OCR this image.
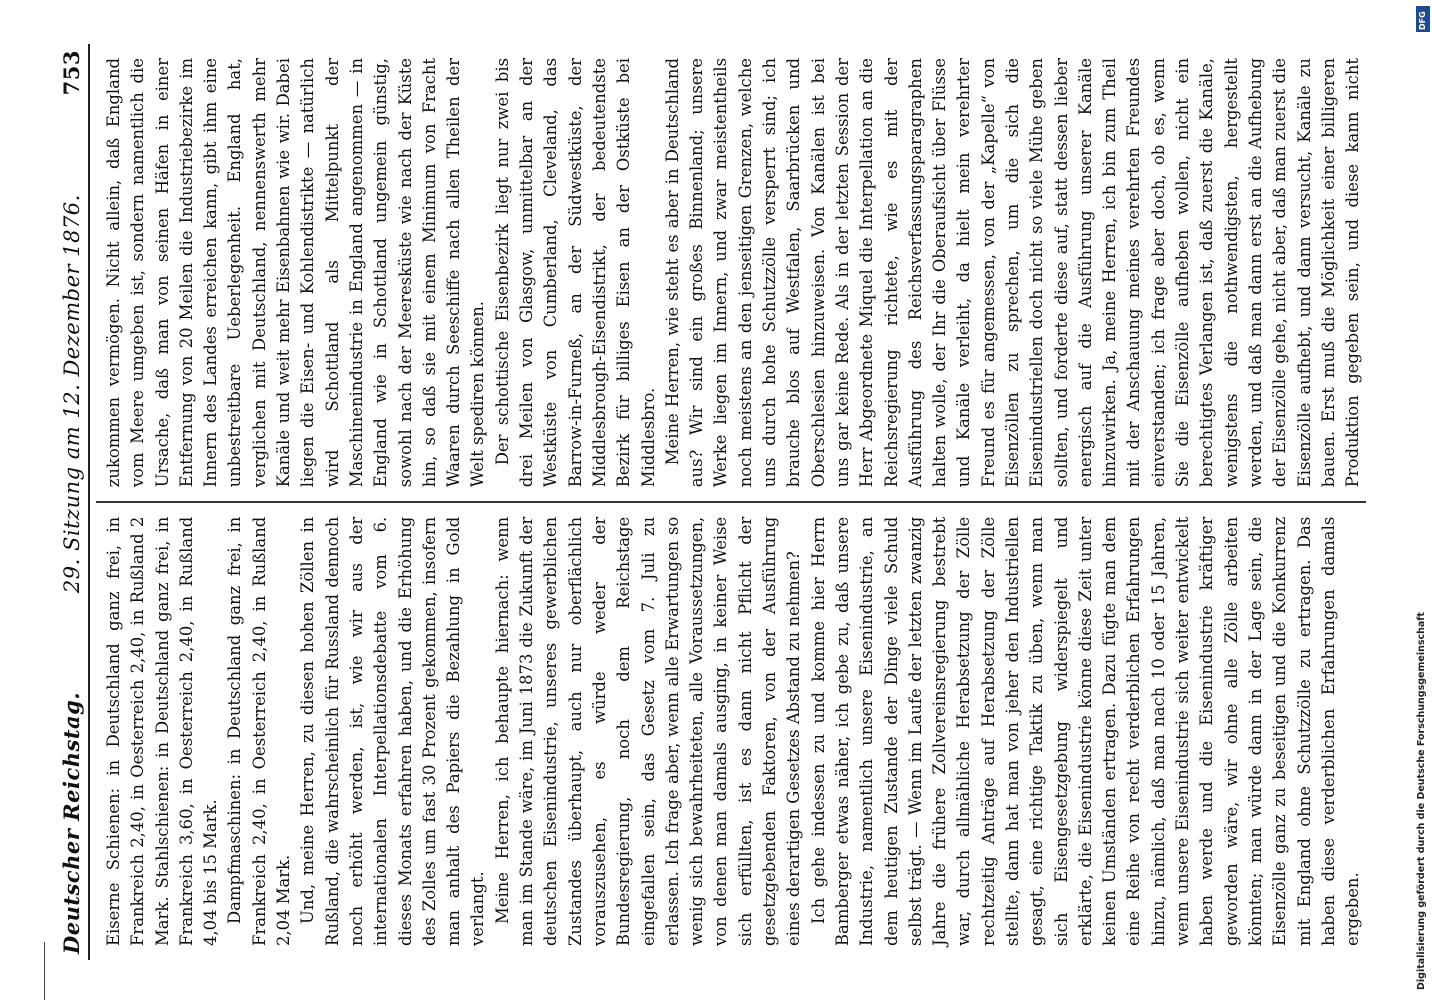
Deutscher Reichstag.
29. Sitzung am 12. Dezember 1876.
753

Eiserne Schienen: in Deutschland ganz frei, in Frankreich 2,40, in Oesterreich 2,40, in Rußland 2 Mark. Stahlschienen: in Deutschland ganz frei, in Frankreich 3,60, in Oesterreich 2,40, in Rußland 4,04 bis 15 Mark. Dampfmaschinen: in Deutschland ganz frei, in Frankreich 2,40, in Oesterreich 2,40, in Rußland 2,04 Mark. Und, meine Herren, zu diesen hohen Zöllen in Rußland, die wahrscheinlich für Russland dennoch noch erhöht werden, ist, wie wir aus der internationalen Interpellationsdebatte vom 6. dieses Monats erfahren haben, und die Erhöhung des Zolles um fast 30 Prozent gekommen, insofern man anhalt des Papiers die Bezahlung in Gold verlangt. Meine Herren, ich behaupte hiernach: wenn man im Stande wäre, im Juni 1873 die Zukunft der deutschen Eisenindustrie, unseres gewerblichen Zustandes überhaupt, auch nur oberflächlich vorauszusehen, es würde weder der Bundesregierung, noch dem Reichstage eingefallen sein, das Gesetz vom 7. Juli zu erlassen. Ich frage aber, wenn alle Erwartungen so wenig sich bewahrheiteten, alle Voraussetzungen, von denen man damals ausging, in keiner Weise sich erfüllten, ist es dann nicht Pflicht der gesetzgebenden Faktoren, von der Ausführung eines derartigen Gesetzes Abstand zu nehmen? Ich gehe indessen zu und komme hier Herrn Bamberger etwas näher, ich gebe zu, daß unsere Industrie, namentlich unsere Eisenindustrie, an dem heutigen Zustande der Dinge viele Schuld selbst trägt. — Wenn im Laufe der letzten zwanzig Jahre die frühere Zollvereinsregierung bestrebt war, durch allmähliche Herabsetzung der Zölle rechtzeitig Anträge auf Herabsetzung der Zölle stellte, dann hat man von jeher den Industriellen gesagt, eine richtige Taktik zu üben, wenn man sich Eisengesetzgebung widerspiegelt und erklärte, die Eisenindustrie könne diese Zeit unter keinen Umständen ertragen. Dazu fügte man dem eine Reihe von recht verderblichen Erfahrungen hinzu, nämlich, daß man nach 10 oder 15 Jahren, wenn unsere Eisenindustrie sich weiter entwickelt haben werde und die Eisenindustrie kräftiger geworden wäre, wir ohne alle Zölle arbeiten könnten; man würde dann in der Lage sein, die Eisenzölle ganz zu beseitigen und die Konkurrenz mit England ohne Schutzzölle zu ertragen. Das haben diese verderblichen Erfahrungen damals ergeben.

zukommen vermögen. Nicht allein, daß England vom Meere umgeben ist, sondern namentlich die Ursache, daß man von seinen Häfen in einer Entfernung von 20 Meilen die Industriebezirke im Innern des Landes erreichen kann, gibt ihm eine unbestreitbare Ueberlegenheit. England hat, verglichen mit Deutschland, nennenswerth mehr Kanäle und weit mehr Eisenbahnen wie wir. Dabei liegen die Eisen- und Kohlendistrikte — natürlich wird Schottland als Mittelpunkt der Maschinenindustrie in England angenommen — in England wie in Schottland ungemein günstig, sowohl nach der Meeresküste wie nach der Küste hin, so daß sie mit einem Minimum von Fracht Waaren durch Seeschiffe nach allen Theilen der Welt spediren können. Der schottische Eisenbezirk liegt nur zwei bis drei Meilen von Glasgow, unmittelbar an der Westküste von Cumberland, Cleveland, das Barrow-in-Furneß, an der Südwestküste, der Middlesbrough-Eisendistrikt, der bedeutendste Bezirk für billiges Eisen an der Ostküste bei Middlesbro. Meine Herren, wie steht es aber in Deutschland aus? Wir sind ein großes Binnenland; unsere Werke liegen im Innern, und zwar meistentheils noch meistens an den jenseitigen Grenzen, welche uns durch hohe Schutzzölle versperrt sind; ich brauche blos auf Westfalen, Saarbrücken und Oberschlesien hinzuweisen. Von Kanälen ist bei uns gar keine Rede. Als in der letzten Session der Herr Abgeordnete Miquel die Interpellation an die Reichsregierung richtete, wie es mit der Ausführung des Reichsverfassungsparagraphen halten wolle, der Ihr die Oberaufsicht über Flüsse und Kanäle verleiht, da hielt mein verehrter Freund es für angemessen, von der „Kapelle“ von Eisenzöllen zu sprechen, um die sich die Eisenindustriellen doch nicht so viele Mühe geben sollten, und forderte diese auf, statt dessen lieber energisch auf die Ausführung unserer Kanäle hinzuwirken. Ja, meine Herren, ich bin zum Theil mit der Anschauung meines verehrten Freundes einverstanden; ich frage aber doch, ob es, wenn Sie die Eisenzölle aufheben wollen, nicht ein berechtigtes Verlangen ist, daß zuerst die Kanäle, wenigstens die nothwendigsten, hergestellt werden, und daß man dann erst an die Aufhebung der Eisenzölle gehe, nicht aber, daß man zuerst die Eisenzölle aufhebt, und dann versucht, Kanäle zu bauen. Erst muß die Möglichkeit einer billigeren Produktion gegeben sein, und diese kann nicht

DFG
Digitalisierung gefördert durch die Deutsche Forschungsgemeinschaft
